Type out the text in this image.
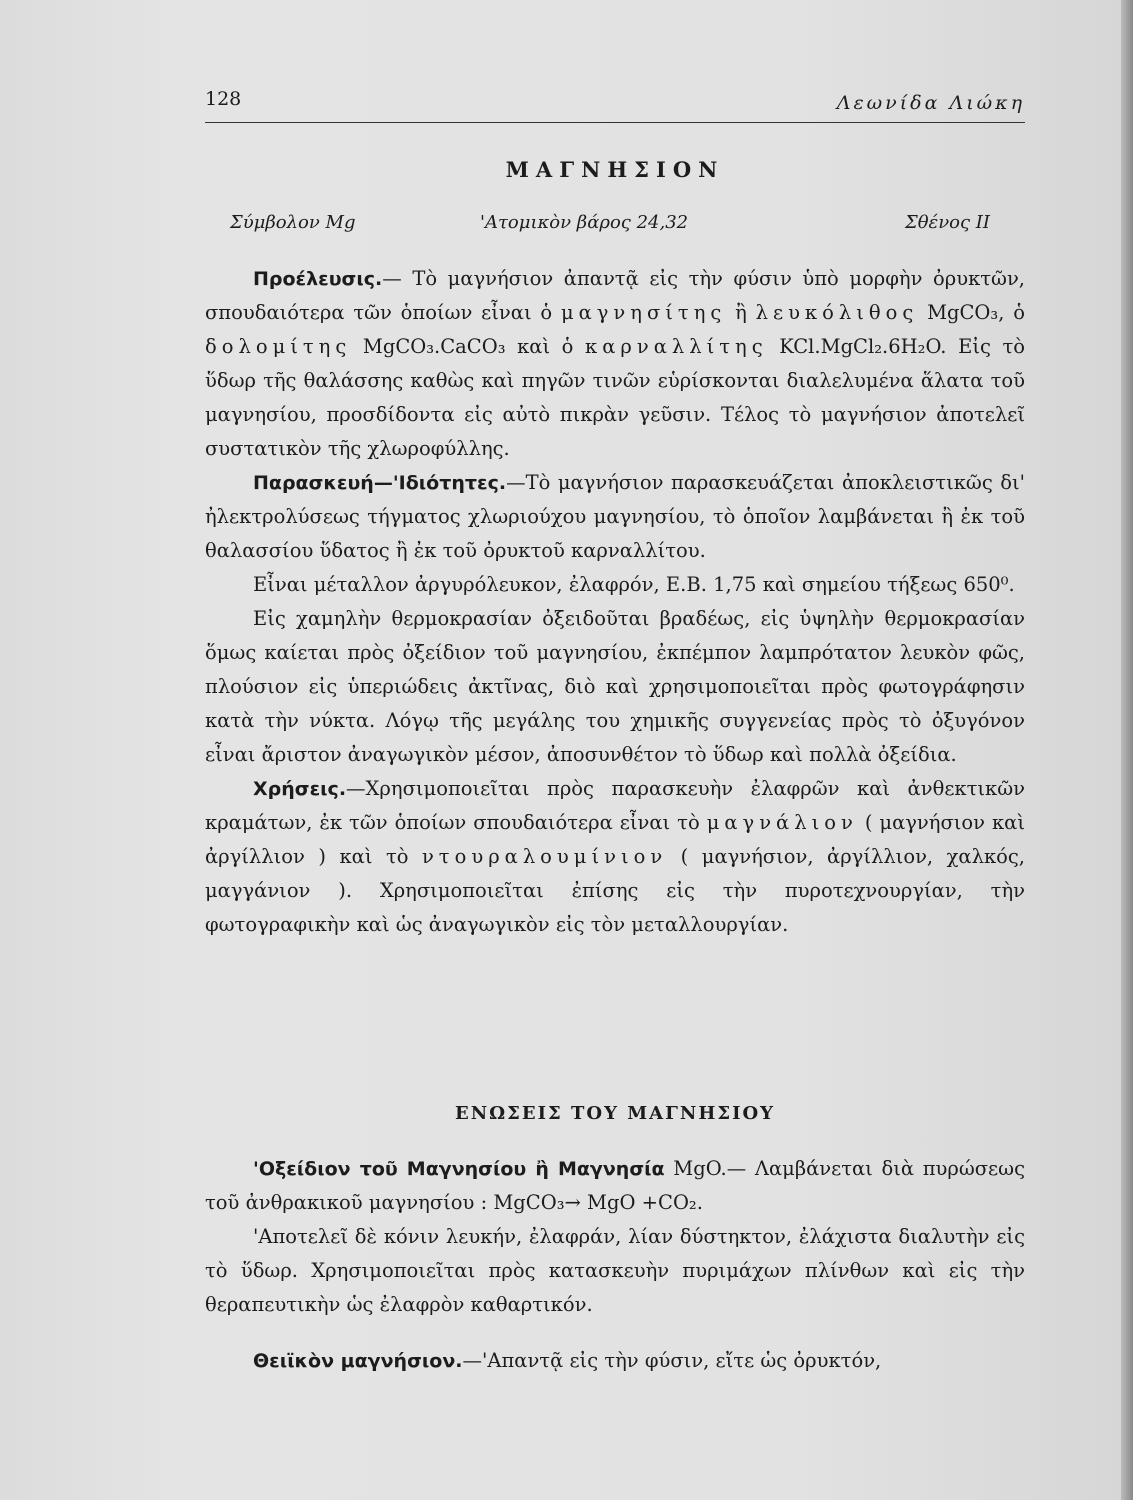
128	Λεωνίδα Λιώκη
ΜΑΓΝΗΣΙΟΝ
Σύμβολον Mg	'Ατομικὸν βάρος 24,32	Σθένος ΙΙ

Προέλευσις.— Τὸ μαγνήσιον ἀπαντᾷ εἰς τὴν φύσιν ὑπὸ μορφὴν ὀρυκτῶν, σπουδαιότερα τῶν ὁποίων εἶναι ὁ μαγνησίτης ἢ λευκόλιθος MgCO₃, ὁ δολομίτης MgCO₃.CaCO₃ καὶ ὁ καρναλλίτης KCl.MgCl₂.6H₂O. Εἰς τὸ ὕδωρ τῆς θαλάσσης καθὼς καὶ πηγῶν τινῶν εὑρίσκονται διαλελυμένα ἅλατα τοῦ μαγνησίου, προσδίδοντα εἰς αὐτὸ πικρὰν γεῦσιν. Τέλος τὸ μαγνήσιον ἀποτελεῖ συστατικὸν τῆς χλωροφύλλης.

Παρασκευή—'Ιδιότητες.—Τὸ μαγνήσιον παρασκευάζεται ἀποκλειστικῶς δι' ἠλεκτρολύσεως τήγματος χλωριούχου μαγνησίου, τὸ ὁποῖον λαμβάνεται ἢ ἐκ τοῦ θαλασσίου ὕδατος ἢ ἐκ τοῦ ὀρυκτοῦ καρναλλίτου.

Εἶναι μέταλλον ἀργυρόλευκον, ἐλαφρόν, Ε.Β. 1,75 καὶ σημείου τήξεως 650⁰.

Εἰς χαμηλὴν θερμοκρασίαν ὀξειδοῦται βραδέως, εἰς ὑψηλὴν θερμοκρασίαν ὅμως καίεται πρὸς ὀξείδιον τοῦ μαγνησίου, ἐκπέμπον λαμπρότατον λευκὸν φῶς, πλούσιον εἰς ὑπεριώδεις ἀκτῖνας, διὸ καὶ χρησιμοποιεῖται πρὸς φωτογράφησιν κατὰ τὴν νύκτα. Λόγῳ τῆς μεγάλης του χημικῆς συγγενείας πρὸς τὸ ὀξυγόνον εἶναι ἄριστον ἀναγωγικὸν μέσον, ἀποσυνθέτον τὸ ὕδωρ καὶ πολλὰ ὀξείδια.

Χρήσεις.—Χρησιμοποιεῖται πρὸς παρασκευὴν ἐλαφρῶν καὶ ἀνθεκτικῶν κραμάτων, ἐκ τῶν ὁποίων σπουδαιότερα εἶναι τὸ μαγνάλιον ( μαγνήσιον καὶ ἀργίλλιον ) καὶ τὸ ντουραλουμίνιον ( μαγνήσιον, ἀργίλλιον, χαλκός, μαγγάνιον ). Χρησιμοποιεῖται ἐπίσης εἰς τὴν πυροτεχνουργίαν, τὴν φωτογραφικὴν καὶ ὡς ἀναγωγικὸν εἰς τὸν μεταλλουργίαν.

ΕΝΩΣΕΙΣ ΤΟΥ ΜΑΓΝΗΣΙΟΥ

'Οξείδιον τοῦ Μαγνησίου ἢ Μαγνησία MgO.— Λαμβάνεται διὰ πυρώσεως τοῦ ἀνθρακικοῦ μαγνησίου : MgCO₃→ MgO +CO₂.

'Αποτελεῖ δὲ κόνιν λευκήν, ἐλαφράν, λίαν δύστηκτον, ἐλάχιστα διαλυτὴν εἰς τὸ ὕδωρ. Χρησιμοποιεῖται πρὸς κατασκευὴν πυριμάχων πλίνθων καὶ εἰς τὴν θεραπευτικὴν ὡς ἐλαφρὸν καθαρτικόν.

Θειϊκὸν μαγνήσιον.—'Απαντᾷ εἰς τὴν φύσιν, εἴτε ὡς ὀρυκτόν,
